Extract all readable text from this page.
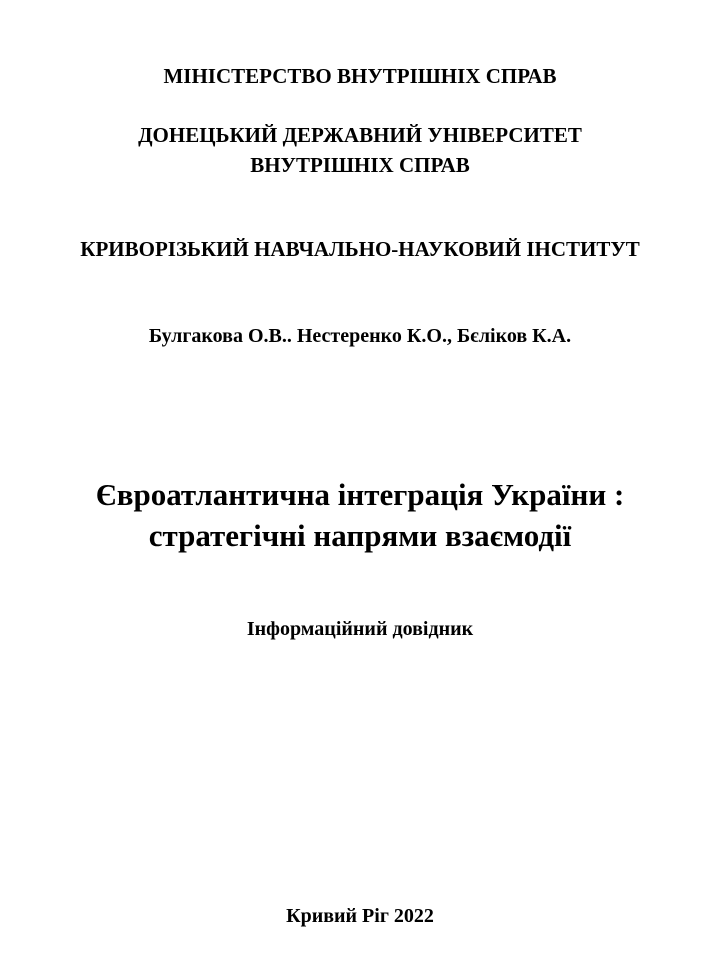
МІНІСТЕРСТВО ВНУТРІШНІХ СПРАВ

ДОНЕЦЬКИЙ ДЕРЖАВНИЙ УНІВЕРСИТЕТ
ВНУТРІШНІХ СПРАВ

КРИВОРІЗЬКИЙ НАВЧАЛЬНО-НАУКОВИЙ ІНСТИТУТ

Булгакова О.В.. Нестеренко К.О., Бєліков К.А.

Євроатлантична інтеграція України :
стратегічні напрями взаємодії

Інформаційний довідник

Кривий Ріг 2022
